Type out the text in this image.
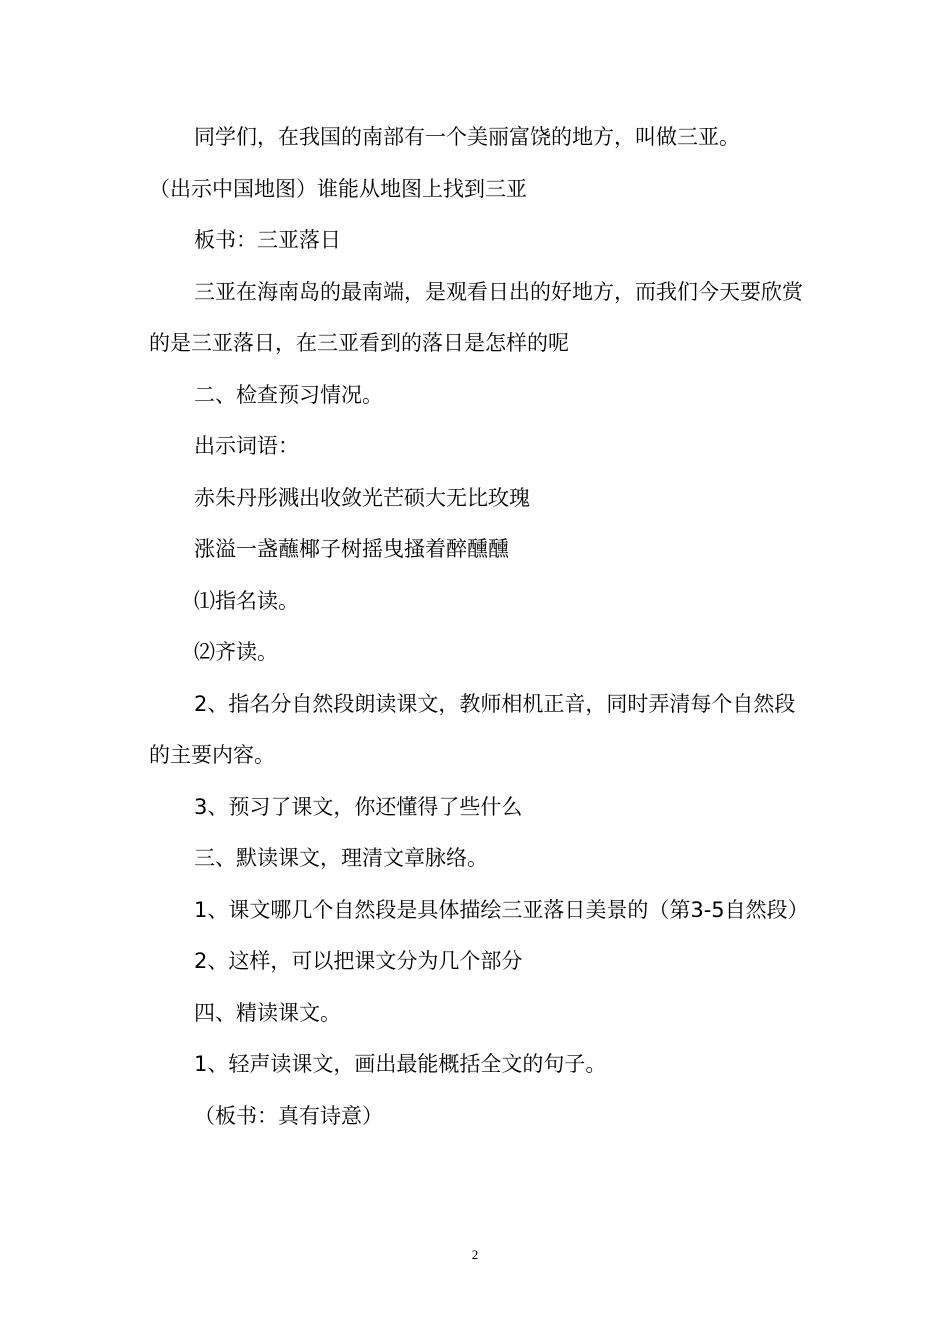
同学们，在我国的南部有一个美丽富饶的地方，叫做三亚。

（出示中国地图）谁能从地图上找到三亚

板书：三亚落日

三亚在海南岛的最南端，是观看日出的好地方，而我们今天要欣赏的是三亚落日，在三亚看到的落日是怎样的呢

二、检查预习情况。

出示词语：

赤朱丹彤溅出收敛光芒硕大无比玫瑰

涨溢一盏蘸椰子树摇曳搔着醉醺醺

⑴指名读。

⑵齐读。

2、指名分自然段朗读课文，教师相机正音，同时弄清每个自然段的主要内容。

3、预习了课文，你还懂得了些什么

三、默读课文，理清文章脉络。

1、课文哪几个自然段是具体描绘三亚落日美景的（第3-5自然段）

2、这样，可以把课文分为几个部分

四、精读课文。

1、轻声读课文，画出最能概括全文的句子。

（板书：真有诗意）

2
